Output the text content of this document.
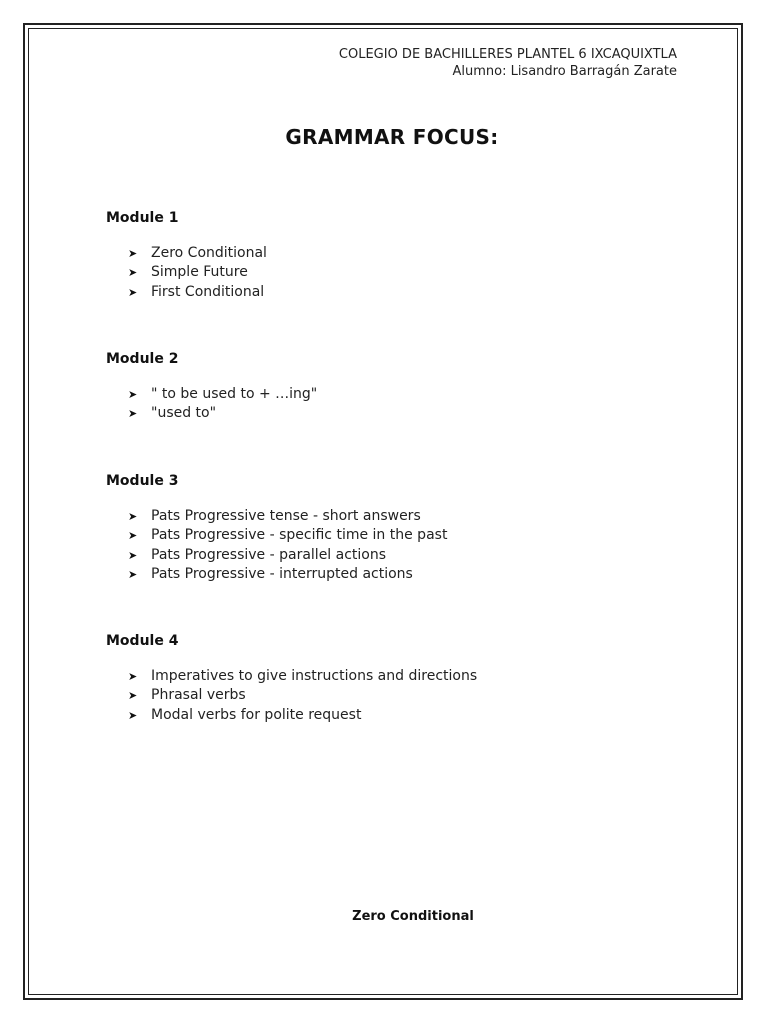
COLEGIO DE BACHILLERES PLANTEL 6 IXCAQUIXTLA
Alumno: Lisandro Barragán Zarate
GRAMMAR FOCUS:
Module 1
➤ Zero Conditional
➤ Simple Future
➤ First Conditional
Module 2
➤ " to be used to + …ing"
➤ "used to"
Module 3
➤ Pats Progressive tense - short answers
➤ Pats Progressive - specific time in the past
➤ Pats Progressive - parallel actions
➤ Pats Progressive - interrupted actions
Module 4
➤ Imperatives to give instructions and directions
➤ Phrasal verbs
➤ Modal verbs for polite request
Zero Conditional
